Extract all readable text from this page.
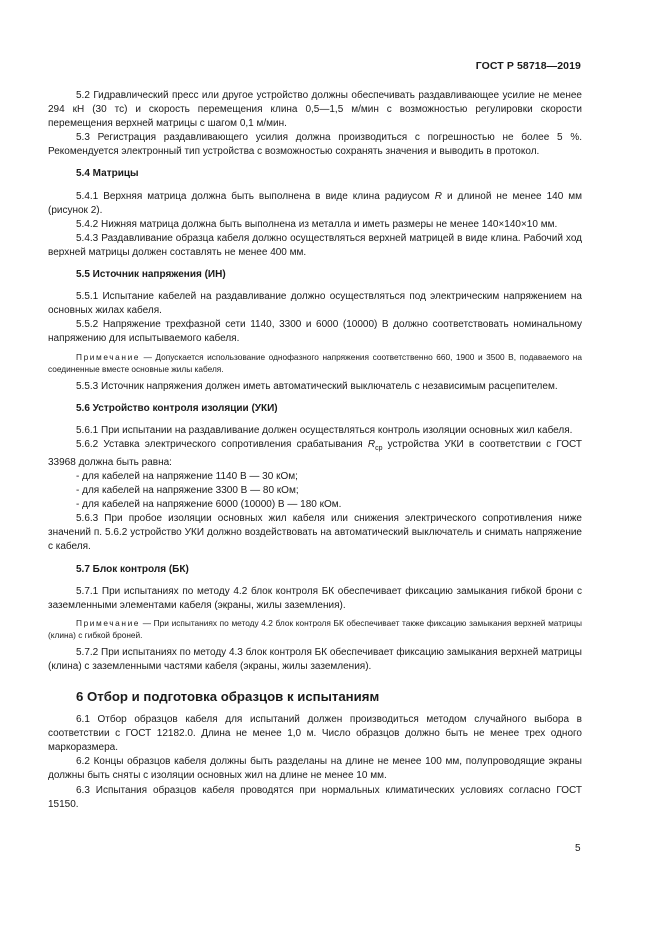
ГОСТ Р 58718—2019

5.2 Гидравлический пресс или другое устройство должны обеспечивать раздавливающее усилие не менее 294 кН (30 тс) и скорость перемещения клина 0,5—1,5 м/мин с возможностью регулировки скорости перемещения верхней матрицы с шагом 0,1 м/мин.

5.3 Регистрация раздавливающего усилия должна производиться с погрешностью не более 5 %. Рекомендуется электронный тип устройства с возможностью сохранять значения и выводить в протокол.

5.4 Матрицы

5.4.1 Верхняя матрица должна быть выполнена в виде клина радиусом R и длиной не менее 140 мм (рисунок 2).

5.4.2 Нижняя матрица должна быть выполнена из металла и иметь размеры не менее 140×140×10 мм.

5.4.3 Раздавливание образца кабеля должно осуществляться верхней матрицей в виде клина. Рабочий ход верхней матрицы должен составлять не менее 400 мм.

5.5 Источник напряжения (ИН)

5.5.1 Испытание кабелей на раздавливание должно осуществляться под электрическим напряжением на основных жилах кабеля.

5.5.2 Напряжение трехфазной сети 1140, 3300 и 6000 (10000) В должно соответствовать номинальному напряжению для испытываемого кабеля.

Примечание — Допускается использование однофазного напряжения соответственно 660, 1900 и 3500 В, подаваемого на соединенные вместе основные жилы кабеля.

5.5.3 Источник напряжения должен иметь автоматический выключатель с независимым расцепителем.

5.6 Устройство контроля изоляции (УКИ)

5.6.1 При испытании на раздавливание должен осуществляться контроль изоляции основных жил кабеля.

5.6.2 Уставка электрического сопротивления срабатывания $R_{ср}$ устройства УКИ в соответствии с ГОСТ 33968 должна быть равна:

- для кабелей на напряжение 1140 В — 30 кОм;
- для кабелей на напряжение 3300 В — 80 кОм;
- для кабелей на напряжение 6000 (10000) В — 180 кОм.

5.6.3 При пробое изоляции основных жил кабеля или снижения электрического сопротивления ниже значений п. 5.6.2 устройство УКИ должно воздействовать на автоматический выключатель и снимать напряжение с кабеля.

5.7 Блок контроля (БК)

5.7.1 При испытаниях по методу 4.2 блок контроля БК обеспечивает фиксацию замыкания гибкой брони с заземленными элементами кабеля (экраны, жилы заземления).

Примечание — При испытаниях по методу 4.2 блок контроля БК обеспечивает также фиксацию замыкания верхней матрицы (клина) с гибкой броней.

5.7.2 При испытаниях по методу 4.3 блок контроля БК обеспечивает фиксацию замыкания верхней матрицы (клина) с заземленными частями кабеля (экраны, жилы заземления).

6 Отбор и подготовка образцов к испытаниям

6.1 Отбор образцов кабеля для испытаний должен производиться методом случайного выбора в соответствии с ГОСТ 12182.0. Длина не менее 1,0 м. Число образцов должно быть не менее трех одного маркоразмера.

6.2 Концы образцов кабеля должны быть разделаны на длине не менее 100 мм, полупроводящие экраны должны быть сняты с изоляции основных жил на длине не менее 10 мм.

6.3 Испытания образцов кабеля проводятся при нормальных климатических условиях согласно ГОСТ 15150.

5
